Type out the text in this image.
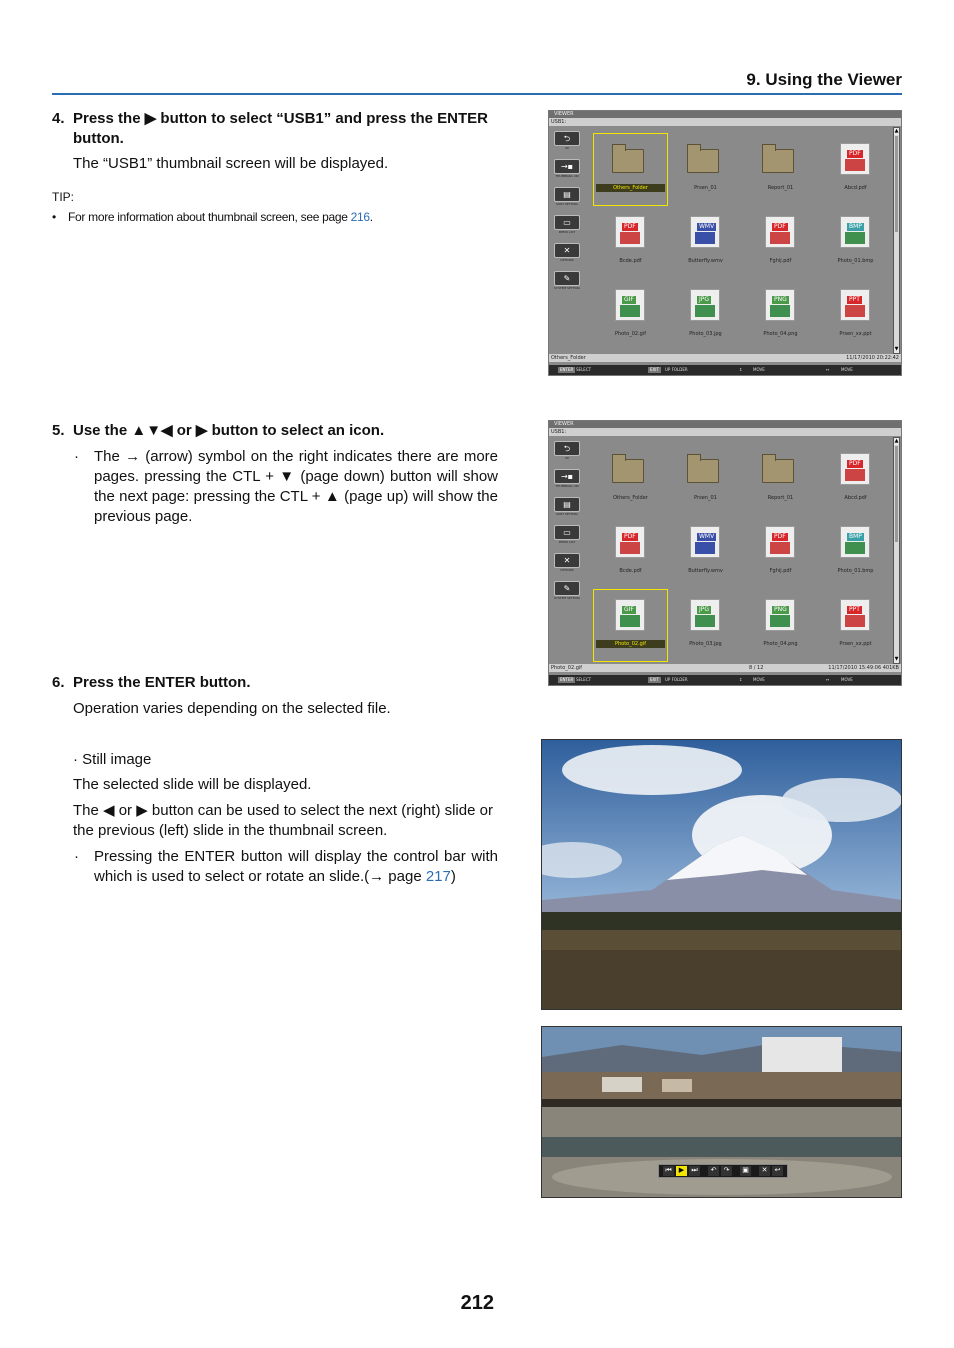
9. Using the Viewer
4. Press the ▶ button to select “USB1” and press the ENTER
button.
The “USB1” thumbnail screen will be displayed.
TIP:
• For more information about thumbnail screen, see page 216.
5. Use the ▲▼◀ or ▶ button to select an icon.
· The → (arrow) symbol on the right indicates there are more pages. pressing the CTL + ▼ (page down) button will show the next page: pressing the CTL + ▲ (page up) will show the previous page.
6. Press the ENTER button.
Operation varies depending on the selected file.
· Still image
The selected slide will be displayed.
The ◀ or ▶ button can be used to select the next (right) slide or the previous (left) slide in the thumbnail screen.
· Pressing the ENTER button will display the control bar with which is used to select or rotate an slide.(→ page 217)
VIEWER
USB1:
⮌
UP
→▪
THUMBNAIL ON
▤
SORT SETTING
▭
DEMO LIST
✕
OPTIONS
✎
SYSTEM SETTING
Others_Folder	Prsen_01	Report_01
PDF
Abcd.pdf
PDF
Bcde.pdf
WMV
Butterfly.wmv
PDF
Fghij.pdf
BMP
Photo_01.bmp
GIF
Photo_02.gif
JPG
Photo_03.jpg
PNG
Photo_04.png
PPT
Prsen_xx.ppt
▲
▼
Others_Folder	11/17/2010 20:22:42
ENTER SELECT	EXIT	UP FOLDER	↕	MOVE	↔	MOVE
VIEWER
USB1:
⮌
UP
→▪
THUMBNAIL ON
▤
SORT SETTING
▭
DEMO LIST
✕
OPTIONS
✎
SYSTEM SETTING
Others_Folder	Prsen_01	Report_01
PDF
Abcd.pdf
PDF
Bcde.pdf
WMV
Butterfly.wmv
PDF
Fghij.pdf
BMP
Photo_01.bmp
GIF
Photo_02.gif
JPG
Photo_03.jpg
PNG
Photo_04.png
PPT
Prsen_xx.ppt
▲
▼
Photo_02.gif	8 / 12	11/17/2010 15:49:06 401KB
ENTER SELECT	EXIT	UP FOLDER	↕	MOVE	↔	MOVE
⏮	▶	⏭	↶	↷	▣	✕	↩
212
